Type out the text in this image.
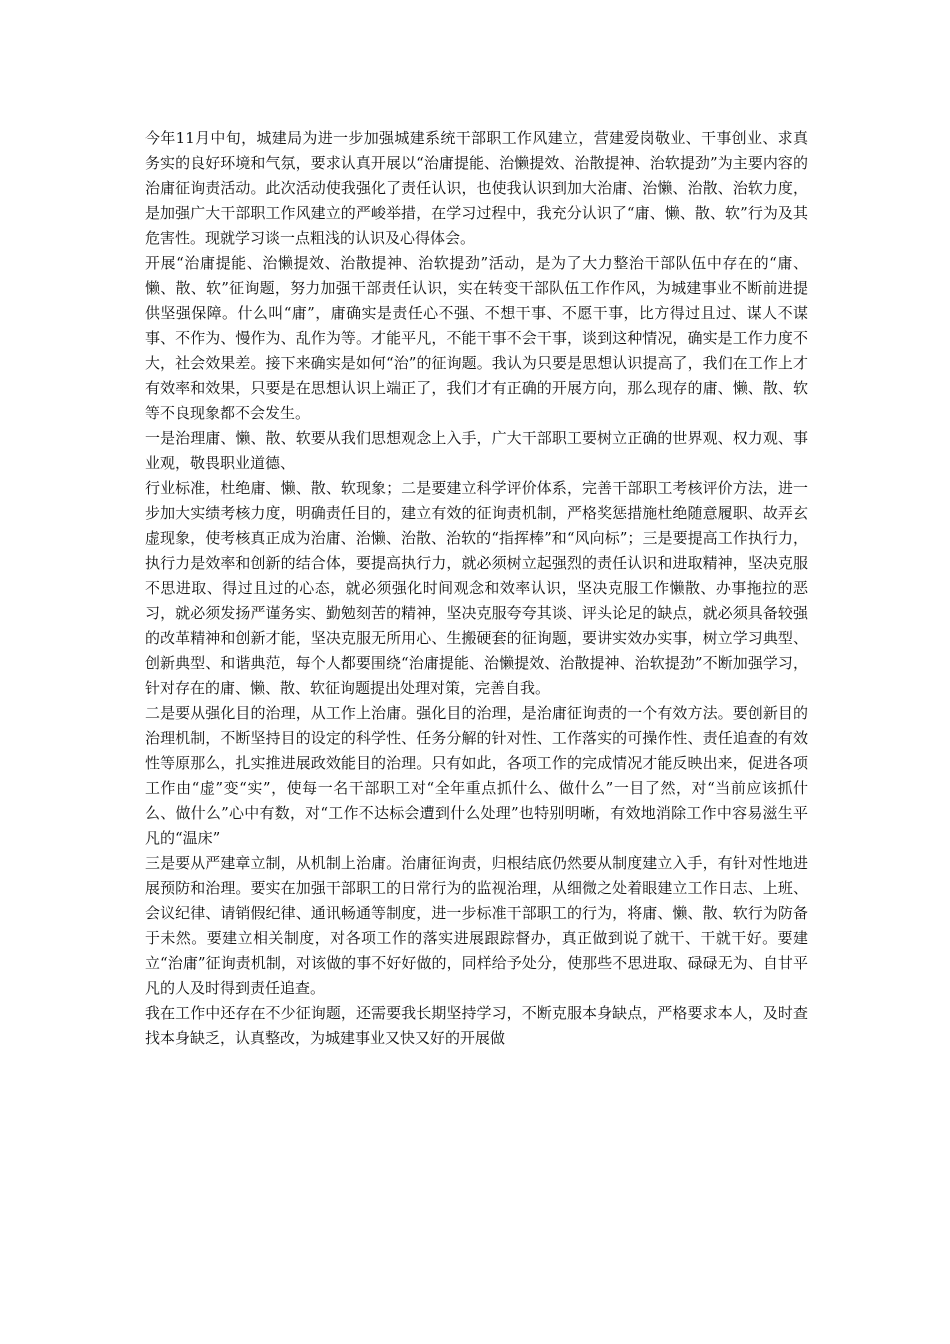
今年11月中旬，城建局为进一步加强城建系统干部职工作风建立，营建爱岗敬业、干事创业、求真务实的良好环境和气氛，要求认真开展以“治庸提能、治懒提效、治散提神、治软提劲”为主要内容的治庸征询责活动。此次活动使我强化了责任认识，也使我认识到加大治庸、治懒、治散、治软力度，是加强广大干部职工作风建立的严峻举措，在学习过程中，我充分认识了“庸、懒、散、软”行为及其危害性。现就学习谈一点粗浅的认识及心得体会。

开展“治庸提能、治懒提效、治散提神、治软提劲”活动，是为了大力整治干部队伍中存在的“庸、懒、散、软”征询题，努力加强干部责任认识，实在转变干部队伍工作作风，为城建事业不断前进提供坚强保障。什么叫“庸”，庸确实是责任心不强、不想干事、不愿干事，比方得过且过、谋人不谋事、不作为、慢作为、乱作为等。才能平凡，不能干事不会干事，谈到这种情况，确实是工作力度不大，社会效果差。接下来确实是如何“治”的征询题。我认为只要是思想认识提高了，我们在工作上才有效率和效果，只要是在思想认识上端正了，我们才有正确的开展方向，那么现存的庸、懒、散、软等不良现象都不会发生。

一是治理庸、懒、散、软要从我们思想观念上入手，广大干部职工要树立正确的世界观、权力观、事业观，敬畏职业道德、

行业标准，杜绝庸、懒、散、软现象；二是要建立科学评价体系，完善干部职工考核评价方法，进一步加大实绩考核力度，明确责任目的，建立有效的征询责机制，严格奖惩措施杜绝随意履职、故弄玄虚现象，使考核真正成为治庸、治懒、治散、治软的“指挥棒”和“风向标”；三是要提高工作执行力，执行力是效率和创新的结合体，要提高执行力，就必须树立起强烈的责任认识和进取精神，坚决克服不思进取、得过且过的心态，就必须强化时间观念和效率认识，坚决克服工作懒散、办事拖拉的恶习，就必须发扬严谨务实、勤勉刻苦的精神，坚决克服夸夸其谈、评头论足的缺点，就必须具备较强的改革精神和创新才能，坚决克服无所用心、生搬硬套的征询题，要讲实效办实事，树立学习典型、创新典型、和谐典范，每个人都要围绕“治庸提能、治懒提效、治散提神、治软提劲”不断加强学习，针对存在的庸、懒、散、软征询题提出处理对策，完善自我。

二是要从强化目的治理，从工作上治庸。强化目的治理，是治庸征询责的一个有效方法。要创新目的治理机制，不断坚持目的设定的科学性、任务分解的针对性、工作落实的可操作性、责任追查的有效性等原那么，扎实推进展政效能目的治理。只有如此，各项工作的完成情况才能反映出来，促进各项工作由“虚”变“实”，使每一名干部职工对“全年重点抓什么、做什么”一目了然，对“当前应该抓什么、做什么”心中有数，对“工作不达标会遭到什么处理”也特别明晰，有效地消除工作中容易滋生平凡的“温床”

三是要从严建章立制，从机制上治庸。治庸征询责，归根结底仍然要从制度建立入手，有针对性地进展预防和治理。要实在加强干部职工的日常行为的监视治理，从细微之处着眼建立工作日志、上班、会议纪律、请销假纪律、通讯畅通等制度，进一步标准干部职工的行为，将庸、懒、散、软行为防备于未然。要建立相关制度，对各项工作的落实进展跟踪督办，真正做到说了就干、干就干好。要建立“治庸”征询责机制，对该做的事不好好做的，同样给予处分，使那些不思进取、碌碌无为、自甘平凡的人及时得到责任追查。

我在工作中还存在不少征询题，还需要我长期坚持学习，不断克服本身缺点，严格要求本人，及时查找本身缺乏，认真整改，为城建事业又快又好的开展做
